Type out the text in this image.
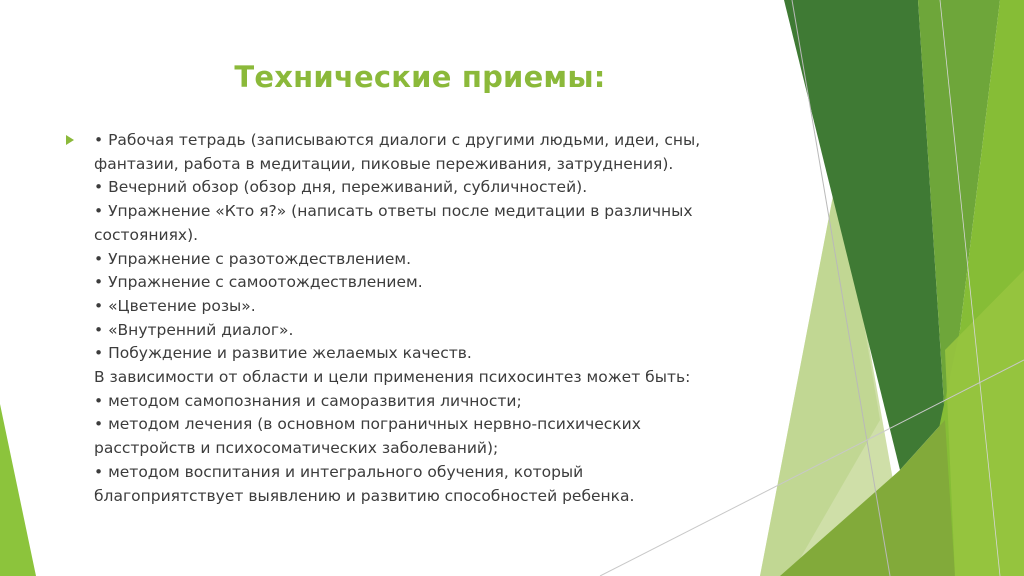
Технические приемы:
• Рабочая тетрадь (записываются диалоги с другими людьми, идеи, сны,
фантазии, работа в медитации, пиковые переживания, затруднения).
• Вечерний обзор (обзор дня, переживаний, субличностей).
• Упражнение «Кто я?» (написать ответы после медитации в различных
состояниях).
• Упражнение с разотождествлением.
• Упражнение с самоотождествлением.
• «Цветение розы».
• «Внутренний диалог».
• Побуждение и развитие желаемых качеств.
В зависимости от области и цели применения психосинтез может быть:
• методом самопознания и саморазвития личности;
• методом лечения (в основном пограничных нервно-психических
расстройств и психосоматических заболеваний);
• методом воспитания и интегрального обучения, который
благоприятствует выявлению и развитию способностей ребенка.
